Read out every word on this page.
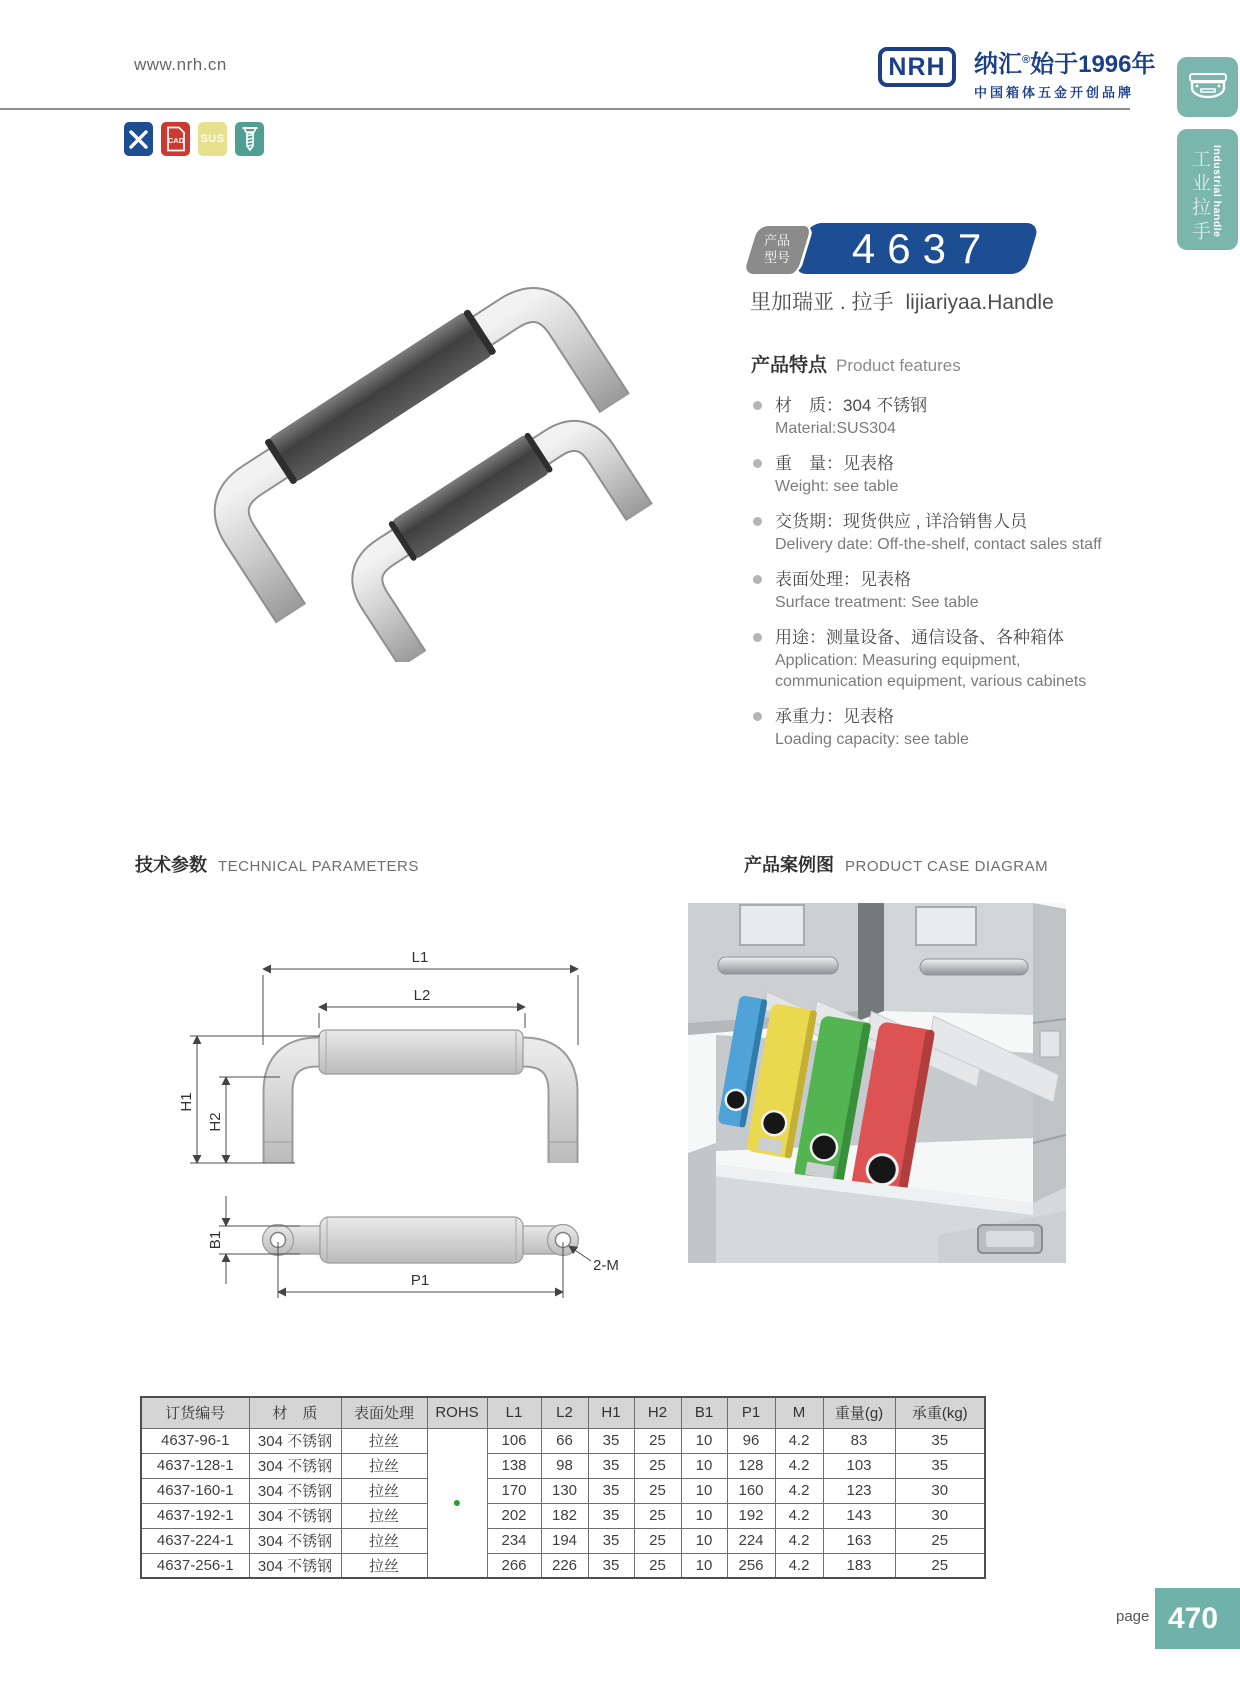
www.nrh.cn	NRH 纳汇®始于1996年
中国箱体五金开创品牌
工业拉手 Industrial handle
CAD SUS
产品
型号 4637
里加瑞亚 . 拉手 lijiariyaa.Handle
产品特点 Product features
材　质：304 不锈钢
Material:SUS304
重　量：见表格
Weight: see table
交货期：现货供应 , 详洽销售人员
Delivery date: Off-the-shelf, contact sales staff
表面处理：见表格
Surface treatment: See table
用途：测量设备、通信设备、各种箱体
Application: Measuring equipment, communication equipment, various cabinets
承重力：见表格
Loading capacity: see table
技术参数 TECHNICAL PARAMETERS	产品案例图 PRODUCT CASE DIAGRAM
L1
L2
H1
H2
B1
P1
2-M
订货编号	材　质	表面处理	ROHS	L1	L2	H1	H2	B1	P1	M	重量(g)	承重(kg)
4637-96-1	304 不锈钢	拉丝	●	106	66	35	25	10	96	4.2	83	35
4637-128-1	304 不锈钢	拉丝		138	98	35	25	10	128	4.2	103	35
4637-160-1	304 不锈钢	拉丝		170	130	35	25	10	160	4.2	123	30
4637-192-1	304 不锈钢	拉丝		202	182	35	25	10	192	4.2	143	30
4637-224-1	304 不锈钢	拉丝		234	194	35	25	10	224	4.2	163	25
4637-256-1	304 不锈钢	拉丝		266	226	35	25	10	256	4.2	183	25
page 470
